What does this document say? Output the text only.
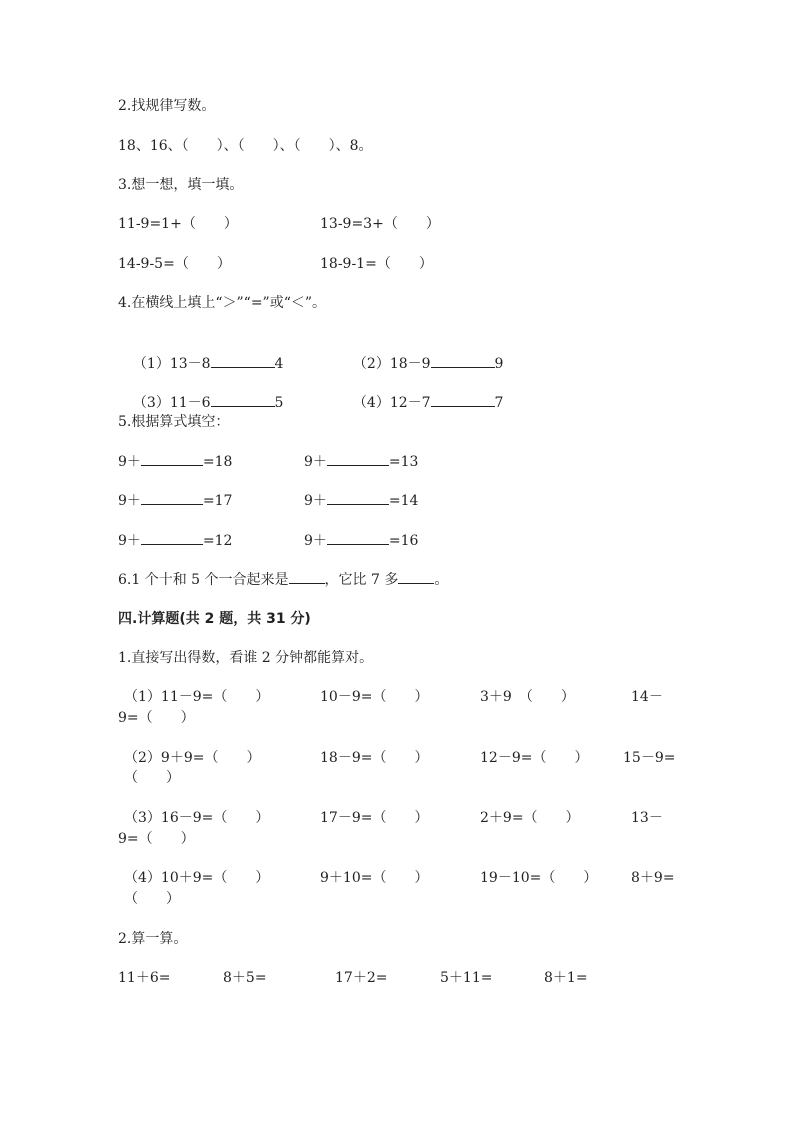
2.找规律写数。
18、16、（　　）、（　　）、（　　）、8。
3.想一想，填一填。
11-9=1+（　　）	13-9=3+（　　）
14-9-5=（　　）	18-9-1=（　　）
4.在横线上填上“＞”“=”或“＜”。

（1）13－8	4	（2）18－9	9

（3）11－6	5	（4）12－7	7

5.根据算式填空：
9＋	=18	9＋	=13
9＋	=17	9＋	=14
9＋	=12	9＋	=16
6.1 个十和 5 个一合起来是	，它比 7 多	。
四.计算题(共 2 题，共 31 分)
1.直接写出得数，看谁 2 分钟都能算对。
（1）11－9=（　　）	10－9=（　　）	3＋9　（　　）	14－
9=（　　）
（2）9＋9=（　　）	18－9=（　　）	12－9=（　　） 15－9=
（　　）
（3）16－9=（　　）	17－9=（　　）	2＋9=（　　）	13－
9=（　　）
（4）10＋9=（　　）	9＋10=（　　）	19－10=（　　） 8＋9=
（　　）
2.算一算。
11＋6=	8＋5=	17＋2=	5＋11=	8＋1=
